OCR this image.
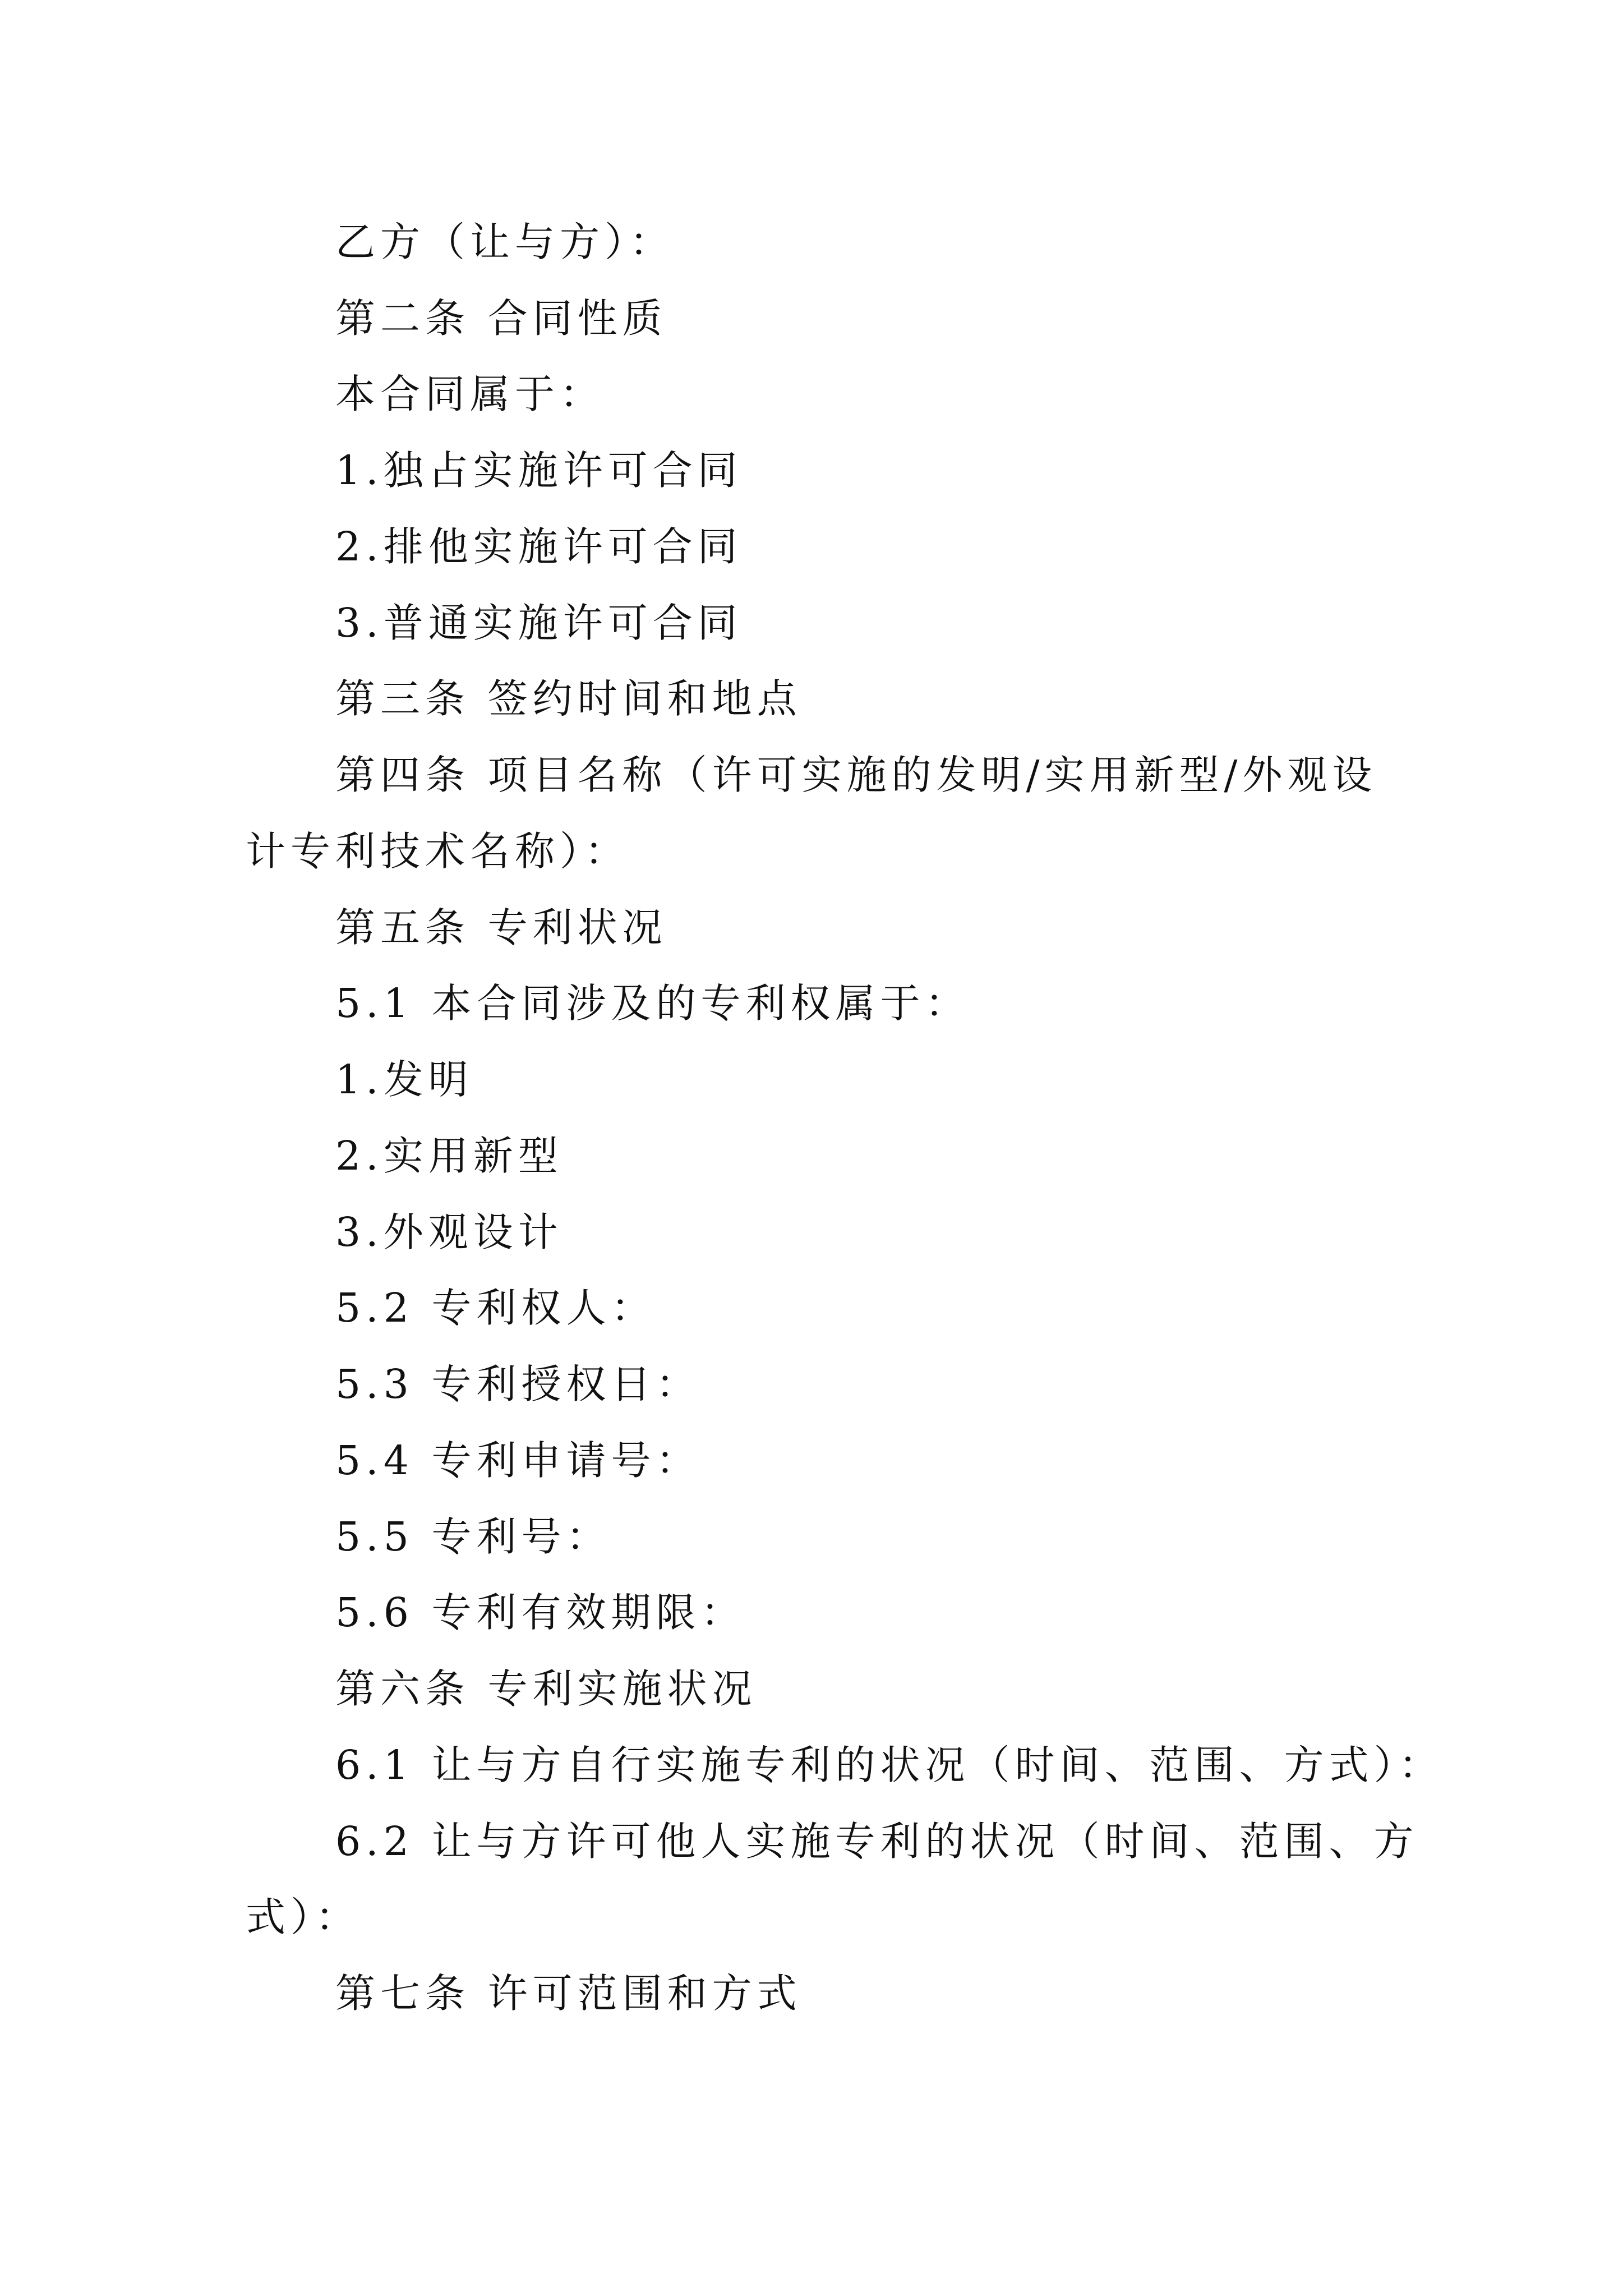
乙方（让与方）：
第二条 合同性质
本合同属于：
1.独占实施许可合同
2.排他实施许可合同
3.普通实施许可合同
第三条 签约时间和地点
第四条 项目名称（许可实施的发明/实用新型/外观设
计专利技术名称）：
第五条 专利状况
5.1 本合同涉及的专利权属于：
1.发明
2.实用新型
3.外观设计
5.2 专利权人：
5.3 专利授权日：
5.4 专利申请号：
5.5 专利号：
5.6 专利有效期限：
第六条 专利实施状况
6.1 让与方自行实施专利的状况（时间、范围、方式）：
6.2 让与方许可他人实施专利的状况（时间、范围、方
式）：
第七条 许可范围和方式
